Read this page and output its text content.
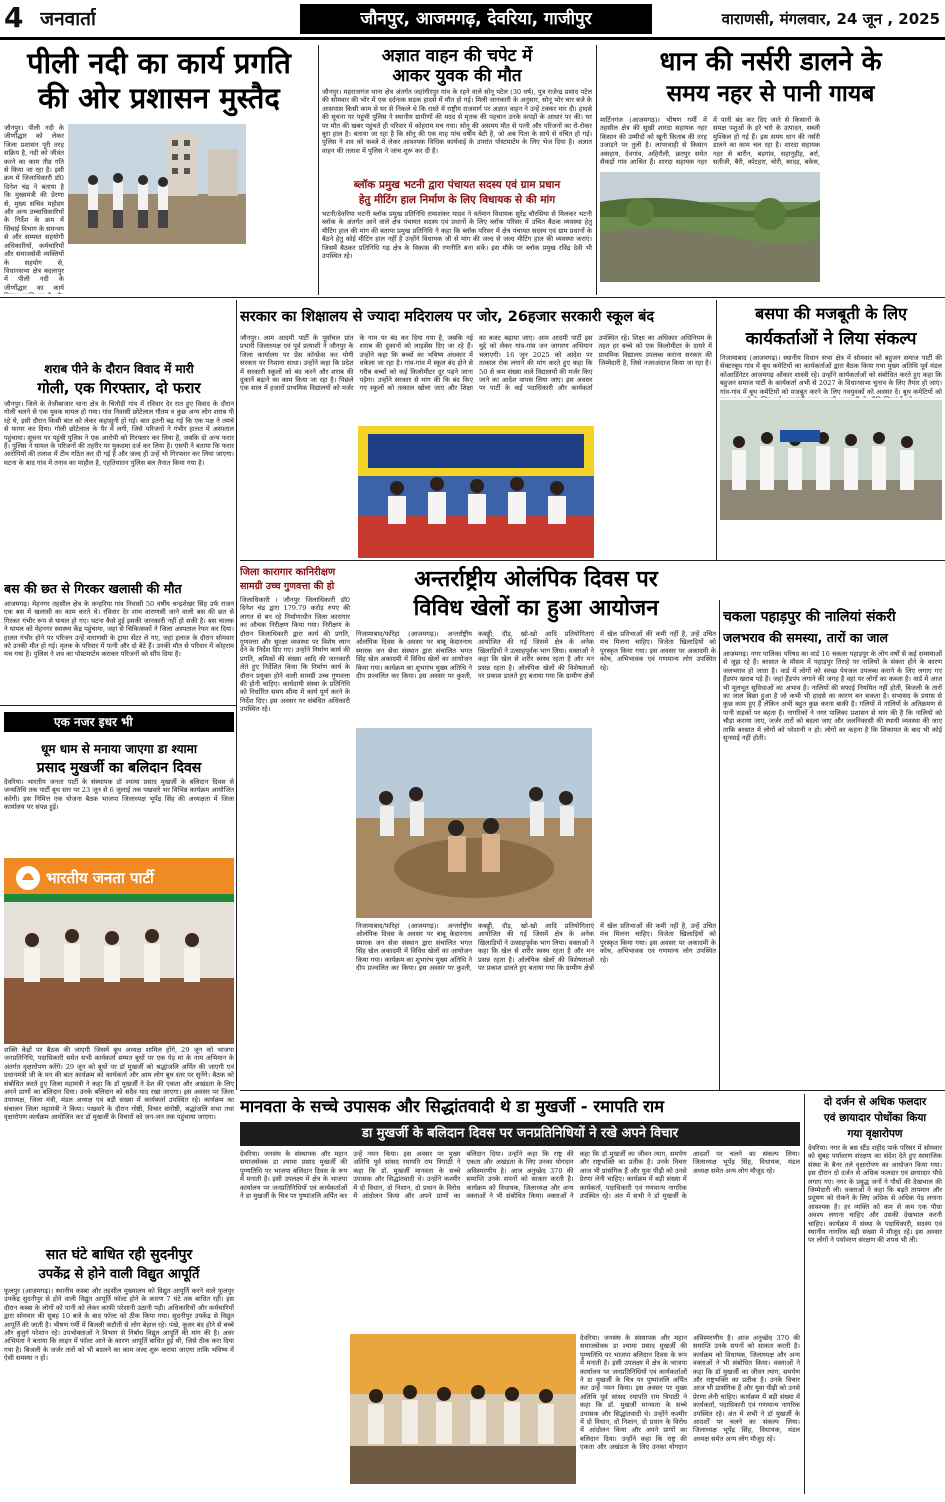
4 जनवार्ता	जौनपुर, आजमगढ़, देवरिया, गाजीपुर	वाराणसी, मंगलवार, 24 जून , 2025
पीली नदी का कार्य प्रगति
की ओर प्रशासन मुस्तैद
जौनपुर। पीली नदी के जीर्णोद्धार को लेकर जिला प्रशासन पूरी तरह सक्रिय है, नदी को जीवंत करने का काम तीव्र गति से किया जा रहा है। इसी क्रम में जिलाधिकारी डॉ0 दिनेश चंद्र ने बताया है कि मुख्यमंत्री की प्रेरणा से, मुख्य सचिव महोदय और अन्य उच्चाधिकारियों के निर्देश के क्रम में सिंचाई विभाग के समन्वय से और सम्मस्त सहयोगी अधिकारियों, कर्मचारियों और समाजसेवी व्यक्तियों के सहयोग से, विधानसभा क्षेत्र बदलापुर में पीली नदी के जीर्णोद्धार का कार्य
अज्ञात वाहन की चपेट में
आकर युवक की मौत
जौनपुर। महराजगंज थाना क्षेत्र अंतर्गत जहांगीरपुर गांव के रहने वाले सोनू पटेल (30 वर्ष), पुत्र राजेन्द्र प्रसाद पटेल की सोमवार की भोर में एक दर्दनाक सड़क हादसे में मौत हो गई। मिली जानकारी के अनुसार, सोनू भोर चार बजे के आसपास किसी काम से घर से निकले थे कि रास्ते में राष्ट्रीय राजमार्ग पर अज्ञात वाहन ने उन्हें टक्कर मार दी। हादसे की सूचना पर पहुंची पुलिस ने स्थानीय ग्रामीणों की मदद से मृतक की पहचान उनके कपड़ों के आधार पर की। घर पर मौत की खबर पहुंचते ही परिवार में कोहराम मच गया। सोनू की असमय मौत से पत्नी और परिजनों का रो-रोकर बुरा हाल है। बताया जा रहा है कि सोनू की एक माह पांच वर्षीय बेटी है, जो अब पिता के साये से वंचित हो गई। पुलिस ने शव को कब्जे में लेकर आवश्यक विधिक कार्यवाई के उपरांत पोस्टमार्टम के लिए भेज दिया है। अज्ञात वाहन की तलाश में पुलिस ने जांच शुरू कर दी है।
ब्लॉक प्रमुख भटनी द्वारा पंचायत सदस्य एवं ग्राम प्रधान
हेतु मीटिंग हाल निर्माण के लिए विधायक से की मांग
भटनी/देवरिया भटनी ब्लॉक प्रमुख प्रतिनिधि रामाशंकर यादव ने वर्तमान विधायक सुरेंद्र चौरसिया से मिलकर भटनी ब्लॉक के अंतर्गत आने वाले क्षेत्र पंचायत सदस्य एवं प्रधानों के लिए ब्लॉक परिसर में उचित बैठक व्यवस्था हेतु मीटिंग हाल की मांग की बताया प्रमुख प्रतिनिधि ने कहा कि ब्लॉक परिसर में क्षेत्र पंचायत सदस्य एवं ग्राम प्रधानों के बैठने हेतु कोई मीटिंग हाल नहीं है उन्होंने विधायक जी से मांग की जल्द से जल्द मीटिंग हाल की व्यवस्था कराएं। जिसमें बैठकर प्रतिनिधि गढ़ क्षेत्र के विकास की रणनीति बना सकें। इस मौके पर ब्लॉक प्रमुख रविंद्र देवी भी उपस्थित रहे।
धान की नर्सरी डालने के
समय नहर से पानी गायब
मार्टिनगंज (आजमगढ़)। भीषण गर्मी में तहसील क्षेत्र की सूखी शारदा सहायक नहर किसान की उम्मीदों को खूनी किताब की तरह उजाड़ने पर तुली है। लापरवाही से किसान असहाय, देवगांव, अहिरौली, छतपुर समेत सैकड़ों गांव आश्रित हैं। शारदा सहायक नहर में पानी बंद कर दिए जाने से किसानों के समक्ष पशुओं के हरे चारे के उत्पादन, सब्जी मुश्किल हो गई हैं। इस समय धान की नर्सरी डालने का काम चल रहा है। शारदा सहायक नहर से बारीन, बड़गांव, सहानुहीह, बर्रा, सतीजी, बैरी, कोटहरा, चोरी, बरदह, बकेस,
शराब पीने के दौरान विवाद में मारी
गोली, एक गिरफ्तार, दो फरार
जौनपुर। जिले के तेजीबाजार थाना क्षेत्र के चितौड़ी गांव में रविवार देर रात हुए विवाद के दौरान गोली चलने से एक युवक घायल हो गया। गांव निवासी छोटेलाल गौतम व कुछ अन्य लोग शराब पी रहे थे, इसी दौरान किसी बात को लेकर कहासुनी हो गई। बात इतनी बढ़ गई कि एक पक्ष ने तमंचे से फायर कर दिया। गोली छोटेलाल के पैर में लगी, जिसे परिजनों ने गंभीर हालत में अस्पताल पहुंचाया। सूचना पर पहुंची पुलिस ने एक आरोपी को गिरफ्तार कर लिया है, जबकि दो अन्य फरार हैं। पुलिस ने घायल के परिजनों की तहरीर पर मुकदमा दर्ज कर लिया है। एसपी ने बताया कि फरार आरोपियों की तलाश में टीम गठित कर दी गई है और जल्द ही उन्हें भी गिरफ्तार कर लिया जाएगा। घटना के बाद गांव में तनाव का माहौल है, एहतियातन पुलिस बल तैनात किया गया है।
बस की छत से गिरकर खलासी की मौत
आजमगढ़। मेहनगर तहसील क्षेत्र के कन्हरिया गांव निवासी 50 वर्षीय चन्द्रशेखर सिंह उर्फ राजन एक बस में खलासी का काम करते थे। रविवार देर शाम वाराणसी जाने वाली बस की छत से गिरकर गंभीर रूप से घायल हो गए। घटना कैसे हुई इसकी जानकारी नहीं हो सकी है। बस चालक ने घायल को मेहनगर स्वास्थ्य केंद्र पहुंचाया, जहां से चिकित्सकों ने जिला अस्पताल रेफर कर दिया। हालत गंभीर होने पर परिजन उन्हें वाराणसी के ट्रामा सेंटर ले गए, जहां इलाज के दौरान सोमवार को उनकी मौत हो गई। मृतक के परिवार में पत्नी और दो बेटे हैं। उनकी मौत से परिवार में कोहराम मच गया है। पुलिस ने शव का पोस्टमार्टम कराकर परिजनों को सौंप दिया है।
एक नजर इधर भी
धूम धाम से मनाया जाएगा डा श्यामा
प्रसाद मुखर्जी का बलिदान दिवस
देवरिया। भारतीय जनता पार्टी के संस्थापक डॉ श्यामा प्रसाद मुखर्जी के बलिदान दिवस से जन्मतिथि तक पार्टी बूथ स्तर पर 23 जून से 6 जुलाई तक पखवारे भर विभिन्न कार्यक्रम आयोजित करेगी। इस निमित्त एक योजना बैठक भाजपा जिलाध्यक्ष भूपेंद्र सिंह की अध्यक्षता में जिला कार्यालय पर संपन्न हुई।
भारतीय जनता पार्टी
शक्ति केंद्रों पर बैठक की जाएगी जिसमें बूथ अध्यक्ष शामिल होंगे, 29 जून को भाजपा जनप्रतिनिधि, पदाधिकारी समेत सभी कार्यकर्ता सम्मत बूथों पर एक पेड़ मां के नाम अभियान के अंतर्गत वृक्षारोपण करेंगे। 29 जून को बूथों पर डॉ मुखर्जी को श्रद्धांजलि अर्पित की जाएगी एवं प्रधानमंत्री जी के मन की बात कार्यक्रम को कार्यकर्ता और आम लोग बूथ स्तर पर सुनेंगे। बैठक को संबोधित करते हुए जिला महामंत्री ने कहा कि डॉ मुखर्जी ने देश की एकता और अखंडता के लिए अपने प्राणों का बलिदान दिया। उनके बलिदान को सदैव याद रखा जाएगा। इस अवसर पर जिला उपाध्यक्ष, जिला मंत्री, मंडल अध्यक्ष एवं बड़ी संख्या में कार्यकर्ता उपस्थित रहे। कार्यक्रम का संचालन जिला महामंत्री ने किया। पखवारे के दौरान गोष्ठी, विचार संगोष्ठी, श्रद्धांजलि सभा तथा वृक्षारोपण कार्यक्रम आयोजित कर डॉ मुखर्जी के विचारों को जन-जन तक पहुंचाया जाएगा।
सात घंटे बाधित रही सुदनीपुर
उपकेंद्र से होने वाली विद्युत आपूर्ति
फूलपुर (आजमगढ़)। स्थानीय कस्बा और तहसील मुख्यालय को विद्युत आपूर्ति करने वाले फूलपुर उपकेंद्र सुदनीपुर से होने वाली विद्युत आपूर्ति फॉल्ट होने के कारण 7 घंटे तक बाधित रही। इस दौरान कस्बा के लोगों को पानी को लेकर काफी परेशानी उठानी पड़ी। अधिकारियों और कर्मचारियों द्वारा सोमवार की सुबह 10 बजे के बाद फॉल्ट को ठीक किया गया। सुदनीपुर उपकेंद्र से विद्युत आपूर्ति की जाती है। भीषण गर्मी में बिजली कटौती से लोग बेहाल रहे। पंखे, कूलर बंद होने से बच्चे और बुजुर्ग परेशान रहे। उपभोक्ताओं ने विभाग से निर्बाध विद्युत आपूर्ति की मांग की है। अवर अभियंता ने बताया कि लाइन में फॉल्ट आने के कारण आपूर्ति बाधित हुई थी, जिसे ठीक करा दिया गया है। बिजली के जर्जर तारों को भी बदलने का काम जल्द शुरू कराया जाएगा ताकि भविष्य में ऐसी समस्या न हो।
सरकार का शिक्षालय से ज्यादा मदिरालय पर जोर, 26हजार सरकारी स्कूल बंद
जौनपुर। आम आदमी पार्टी के पूर्वांचल प्रांत प्रभारी जिलाध्यक्ष एवं पूर्व प्रत्याशी ने जौनपुर के जिला कार्यालय पर प्रेस कॉन्फ्रेंस कर योगी सरकार पर निशाना साधा। उन्होंने कहा कि प्रदेश में सरकारी स्कूलों को बंद करने और शराब की दुकानें बढ़ाने का काम किया जा रहा है। पिछले एक साल में हजारों प्राथमिक विद्यालयों को मर्जर के नाम पर बंद कर दिया गया है, जबकि नई शराब की दुकानों को लाइसेंस दिए जा रहे हैं। उन्होंने कहा कि बच्चों का भविष्य अंधकार में धकेला जा रहा है। गांव-गांव में स्कूल बंद होने से गरीब बच्चों को कई किलोमीटर दूर पढ़ने जाना पड़ेगा। उन्होंने सरकार से मांग की कि बंद किए गए स्कूलों को तत्काल खोला जाए और शिक्षा का बजट बढ़ाया जाए। आम आदमी पार्टी इस मुद्दे को लेकर गांव-गांव जन जागरण अभियान चलाएगी। 16 जून 2025 को आदेश पर तत्काल रोक लगाने की मांग करते हुए कहा कि 50 से कम संख्या वाले विद्यालयों की मर्जर किए जाने का आदेश वापस लिया जाए। इस अवसर पर पार्टी के कई पदाधिकारी और कार्यकर्ता उपस्थित रहे। शिक्षा का अधिकार अधिनियम के तहत हर बच्चे को एक किलोमीटर के दायरे में प्राथमिक विद्यालय उपलब्ध कराना सरकार की जिम्मेदारी है, जिसे नजरअंदाज किया जा रहा है।
बसपा की मजबूती के लिए
कार्यकर्ताओं ने लिया संकल्प
निजामाबाद (आजमगढ़)। स्थानीय विधान सभा क्षेत्र में सोमवार को बहुजन समाज पार्टी की सेक्टरबूथ गांव में बूथ कमेटियों का कार्यकर्ताओं द्वारा बैठक किया गया मुख्य अतिथि पूर्व मंडल कोआर्डिनेटर आजमगढ़ ओंकार शास्त्री रहे। उन्होंने कार्यकर्ताओं को संबोधित करते हुए कहा कि बहुजन समाज पार्टी के कार्यकर्ता अभी से 2027 के विधानसभा चुनाव के लिए तैयार हो जाएं। गांव-गांव में बूथ कमेटियों को मजबूत करने के लिए नवयुवकों को अवसर दें। बूथ कमेटियों को
जिला कारागार कानिरीक्षण
सामग्री उच्च गुणवत्ता की हो
जिलाधिकारी । जौनपुर जिलाधिकारी डॉ0 दिनेश चंद्र द्वारा 179.79 करोड़ रुपए की लागत से बन रहे निर्माणाधीन जिला कारागार का औचक निरीक्षण किया गया। निरीक्षण के दौरान जिलाधिकारी द्वारा कार्य की प्रगति, गुणवत्ता और सुरक्षा व्यवस्था पर विशेष ध्यान देने के निर्देश दिए गए। उन्होंने निर्माण कार्य की प्रगति, श्रमिकों की संख्या आदि की जानकारी लेते हुए निर्देशित किया कि निर्माण कार्य के दौरान प्रयुक्त होने वाली सामग्री उच्च गुणवत्ता की होनी चाहिए। कार्यदायी संस्था के प्रतिनिधि को निर्धारित समय सीमा में कार्य पूर्ण करने के निर्देश दिए। इस अवसर पर संबंधित अधिकारी उपस्थित रहे।
अन्तर्राष्ट्रीय ओलंपिक दिवस पर
विविध खेलों का हुआ आयोजन
निजामाबाद/फरिहां (आजमगढ़)। अन्तर्राष्ट्रीय ओलंपिक दिवस के अवसर पर बाबू केदारनाथ स्मारक जन सेवा संस्थान द्वारा संचालित भगत सिंह खेल अकादमी में विविध खेलों का आयोजन किया गया। कार्यक्रम का शुभारंभ मुख्य अतिथि ने दीप प्रज्वलित कर किया। इस अवसर पर कुश्ती, कबड्डी, दौड़, खो-खो आदि प्रतियोगिताएं आयोजित की गईं जिसमें क्षेत्र के अनेक खिलाड़ियों ने उत्साहपूर्वक भाग लिया। वक्ताओं ने कहा कि खेल से शरीर स्वस्थ रहता है और मन प्रसन्न रहता है। ओलंपिक खेलों की विशेषताओं पर प्रकाश डालते हुए बताया गया कि ग्रामीण क्षेत्रों में खेल प्रतिभाओं की कमी नहीं है, उन्हें उचित मंच मिलना चाहिए। विजेता खिलाड़ियों को पुरस्कृत किया गया। इस अवसर पर अकादमी के कोच, अभिभावक एवं गणमान्य लोग उपस्थित रहे।
निजामाबाद/फरिहां (आजमगढ़)। अन्तर्राष्ट्रीय ओलंपिक दिवस के अवसर पर बाबू केदारनाथ स्मारक जन सेवा संस्थान द्वारा संचालित भगत सिंह खेल अकादमी में विविध खेलों का आयोजन किया गया। कार्यक्रम का शुभारंभ मुख्य अतिथि ने दीप प्रज्वलित कर किया। इस अवसर पर कुश्ती, कबड्डी, दौड़, खो-खो आदि प्रतियोगिताएं आयोजित की गईं जिसमें क्षेत्र के अनेक खिलाड़ियों ने उत्साहपूर्वक भाग लिया। वक्ताओं ने कहा कि खेल से शरीर स्वस्थ रहता है और मन प्रसन्न रहता है। ओलंपिक खेलों की विशेषताओं पर प्रकाश डालते हुए बताया गया कि ग्रामीण क्षेत्रों में खेल प्रतिभाओं की कमी नहीं है, उन्हें उचित मंच मिलना चाहिए। विजेता खिलाड़ियों को पुरस्कृत किया गया। इस अवसर पर अकादमी के कोच, अभिभावक एवं गणमान्य लोग उपस्थित रहे।
चकला पहाड़पुर की नालियां संकरी
जलभराव की समस्या, तारों का जाल
आजमगढ़। नगर पालिका परिषद का वार्ड 16 चकला पहाड़पुर के लोग वर्षों से कई समस्याओं से जूझ रहे हैं। बरसात के मौसम में पहाड़पुर तिराहे पर नालियों के संकरा होने के कारण जलभराव हो जाता है। वार्ड में लोगों को स्वच्छ पेयजल उपलब्ध कराने के लिए लगाए गए हैंडपंप खराब पड़े हैं। जहां हैंडपंप लगाने की जगह है वहां पर लोगों का कब्जा है। वार्ड में आज भी मूलभूत सुविधाओं का अभाव है। नालियों की सफाई नियमित नहीं होती, बिजली के तारों का जाल बिछा हुआ है जो कभी भी हादसे का कारण बन सकता है। सभासद के प्रयास से कुछ काम हुए हैं लेकिन अभी बहुत कुछ करना बाकी है। गलियों में नालियों के अतिक्रमण से पानी सड़कों पर बहता है। नागरिकों ने नगर पालिका प्रशासन से मांग की है कि नालियों को चौड़ा कराया जाए, जर्जर तारों को बदला जाए और जलनिकासी की स्थायी व्यवस्था की जाए ताकि बरसात में लोगों को परेशानी न हो। लोगों का कहना है कि शिकायत के बाद भी कोई सुनवाई नहीं होती।
मानवता के सच्चे उपासक और सिद्धांतवादी थे डा मुखर्जी - रमापति राम
डा मुखर्जी के बलिदान दिवस पर जनप्रतिनिधियों ने रखे अपने विचार
देवरिया। जनसंघ के संस्थापक और महान समाजसेवक डा श्यामा प्रसाद मुखर्जी की पुण्यतिथि पर भाजपा बलिदान दिवस के रूप में मनाती है। इसी उपलक्ष्य में क्षेत्र के भाजपा कार्यालय पर जनप्रतिनिधियों एवं कार्यकर्ताओं ने डा मुखर्जी के चित्र पर पुष्पांजलि अर्पित कर उन्हें नमन किया। इस अवसर पर मुख्य अतिथि पूर्व सांसद रमापति राम त्रिपाठी ने कहा कि डॉ. मुखर्जी मानवता के सच्चे उपासक और सिद्धांतवादी थे। उन्होंने कश्मीर में दो विधान, दो निशान, दो प्रधान के विरोध में आंदोलन किया और अपने प्राणों का बलिदान दिया। उन्होंने कहा कि राष्ट्र की एकता और अखंडता के लिए उनका योगदान अविस्मरणीय है। आज अनुच्छेद 370 की समाप्ति उनके सपनों को साकार करती है। कार्यक्रम को विधायक, जिलाध्यक्ष और अन्य वक्ताओं ने भी संबोधित किया। वक्ताओं ने कहा कि डॉ मुखर्जी का जीवन त्याग, समर्पण और राष्ट्रभक्ति का प्रतीक है। उनके विचार आज भी प्रासंगिक हैं और युवा पीढ़ी को उनसे प्रेरणा लेनी चाहिए। कार्यक्रम में बड़ी संख्या में कार्यकर्ता, पदाधिकारी एवं गणमान्य नागरिक उपस्थित रहे। अंत में सभी ने डॉ मुखर्जी के आदर्शों पर चलने का संकल्प लिया। जिलाध्यक्ष भूपेंद्र सिंह, विधायक, मंडल अध्यक्ष समेत अन्य लोग मौजूद रहे।
देवरिया। जनसंघ के संस्थापक और महान समाजसेवक डा श्यामा प्रसाद मुखर्जी की पुण्यतिथि पर भाजपा बलिदान दिवस के रूप में मनाती है। इसी उपलक्ष्य में क्षेत्र के भाजपा कार्यालय पर जनप्रतिनिधियों एवं कार्यकर्ताओं ने डा मुखर्जी के चित्र पर पुष्पांजलि अर्पित कर उन्हें नमन किया। इस अवसर पर मुख्य अतिथि पूर्व सांसद रमापति राम त्रिपाठी ने कहा कि डॉ. मुखर्जी मानवता के सच्चे उपासक और सिद्धांतवादी थे। उन्होंने कश्मीर में दो विधान, दो निशान, दो प्रधान के विरोध में आंदोलन किया और अपने प्राणों का बलिदान दिया। उन्होंने कहा कि राष्ट्र की एकता और अखंडता के लिए उनका योगदान अविस्मरणीय है। आज अनुच्छेद 370 की समाप्ति उनके सपनों को साकार करती है। कार्यक्रम को विधायक, जिलाध्यक्ष और अन्य वक्ताओं ने भी संबोधित किया। वक्ताओं ने कहा कि डॉ मुखर्जी का जीवन त्याग, समर्पण और राष्ट्रभक्ति का प्रतीक है। उनके विचार आज भी प्रासंगिक हैं और युवा पीढ़ी को उनसे प्रेरणा लेनी चाहिए। कार्यक्रम में बड़ी संख्या में कार्यकर्ता, पदाधिकारी एवं गणमान्य नागरिक उपस्थित रहे। अंत में सभी ने डॉ मुखर्जी के आदर्शों पर चलने का संकल्प लिया। जिलाध्यक्ष भूपेंद्र सिंह, विधायक, मंडल अध्यक्ष समेत अन्य लोग मौजूद रहे।
दो दर्जन से अधिक फलदार
एवं छायादार पोधोंका किया
गया वृक्षारोपण
देवरिया। नगर के बस स्टैंड शहीद पार्क परिसर में सोमवार को सुबह पर्यावरण संरक्षण का संदेश देते हुए सामाजिक संस्था के बैनर तले वृक्षारोपण का आयोजन किया गया। इस दौरान दो दर्जन से अधिक फलदार एवं छायादार पौधे लगाए गए। नगर के प्रबुद्ध जनों ने पौधों की देखभाल की जिम्मेदारी ली। वक्ताओं ने कहा कि बढ़ते तापमान और प्रदूषण को रोकने के लिए अधिक से अधिक पेड़ लगाना आवश्यक है। हर व्यक्ति को कम से कम एक पौधा अवश्य लगाना चाहिए और उसकी देखभाल करनी चाहिए। कार्यक्रम में संस्था के पदाधिकारी, सदस्य एवं स्थानीय नागरिक बड़ी संख्या में मौजूद रहे। इस अवसर पर लोगों ने पर्यावरण संरक्षण की शपथ भी ली।
